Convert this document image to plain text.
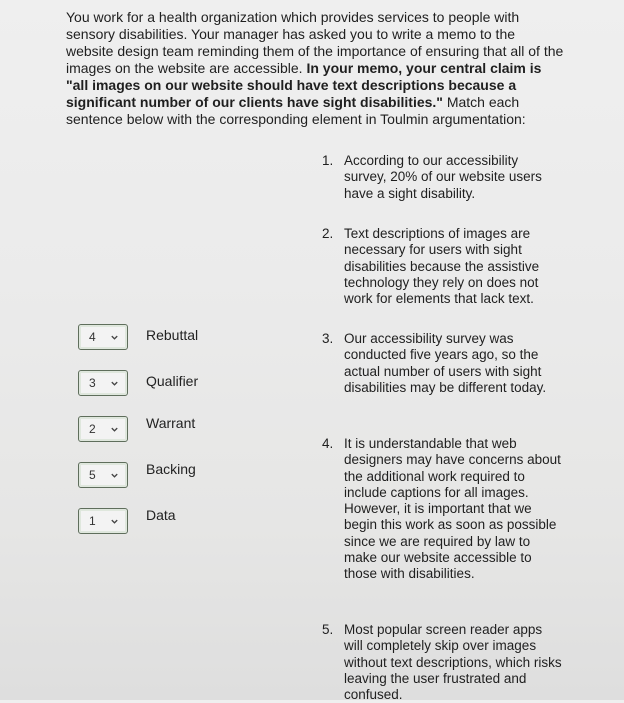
You work for a health organization which provides services to people with sensory disabilities. Your manager has asked you to write a memo to the website design team reminding them of the importance of ensuring that all of the images on the website are accessible. In your memo, your central claim is "all images on our website should have text descriptions because a significant number of our clients have sight disabilities." Match each sentence below with the corresponding element in Toulmin argumentation:
4	Rebuttal
3	Qualifier
2	Warrant
5	Backing
1	Data
1. According to our accessibility survey, 20% of our website users have a sight disability.
2. Text descriptions of images are necessary for users with sight disabilities because the assistive technology they rely on does not work for elements that lack text.
3. Our accessibility survey was conducted five years ago, so the actual number of users with sight disabilities may be different today.
4. It is understandable that web designers may have concerns about the additional work required to include captions for all images. However, it is important that we begin this work as soon as possible since we are required by law to make our website accessible to those with disabilities.
5. Most popular screen reader apps will completely skip over images without text descriptions, which risks leaving the user frustrated and confused.
